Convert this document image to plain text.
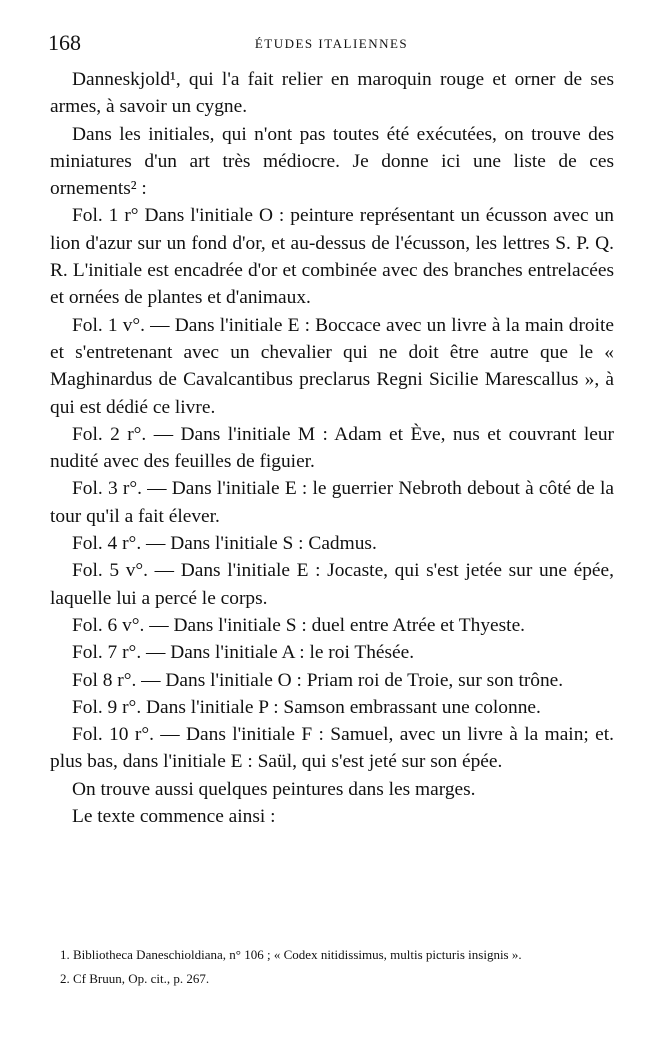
168	ÉTUDES ITALIENNES

Danneskjold¹, qui l'a fait relier en maroquin rouge et orner de ses armes, à savoir un cygne.

Dans les initiales, qui n'ont pas toutes été exécutées, on trouve des miniatures d'un art très médiocre. Je donne ici une liste de ces ornements² :

Fol. 1 r° Dans l'initiale O : peinture représentant un écusson avec un lion d'azur sur un fond d'or, et au-dessus de l'écusson, les lettres S. P. Q. R. L'initiale est encadrée d'or et combinée avec des branches entrelacées et ornées de plantes et d'animaux.

Fol. 1 v°. — Dans l'initiale E : Boccace avec un livre à la main droite et s'entretenant avec un chevalier qui ne doit être autre que le « Maghinardus de Cavalcantibus preclarus Regni Sicilie Marescallus », à qui est dédié ce livre.

Fol. 2 r°. — Dans l'initiale M : Adam et Ève, nus et couvrant leur nudité avec des feuilles de figuier.

Fol. 3 r°. — Dans l'initiale E : le guerrier Nebroth debout à côté de la tour qu'il a fait élever.

Fol. 4 r°. — Dans l'initiale S : Cadmus.

Fol. 5 v°. — Dans l'initiale E : Jocaste, qui s'est jetée sur une épée, laquelle lui a percé le corps.

Fol. 6 v°. — Dans l'initiale S : duel entre Atrée et Thyeste.

Fol. 7 r°. — Dans l'initiale A : le roi Thésée.

Fol 8 r°. — Dans l'initiale O : Priam roi de Troie, sur son trône.

Fol. 9 r°. Dans l'initiale P : Samson embrassant une colonne.

Fol. 10 r°. — Dans l'initiale F : Samuel, avec un livre à la main; et. plus bas, dans l'initiale E : Saül, qui s'est jeté sur son épée.

On trouve aussi quelques peintures dans les marges.

Le texte commence ainsi :

1. Bibliotheca Daneschioldiana, n° 106 ; « Codex nitidissimus, multis picturis insignis ».

2. Cf Bruun, Op. cit., p. 267.
